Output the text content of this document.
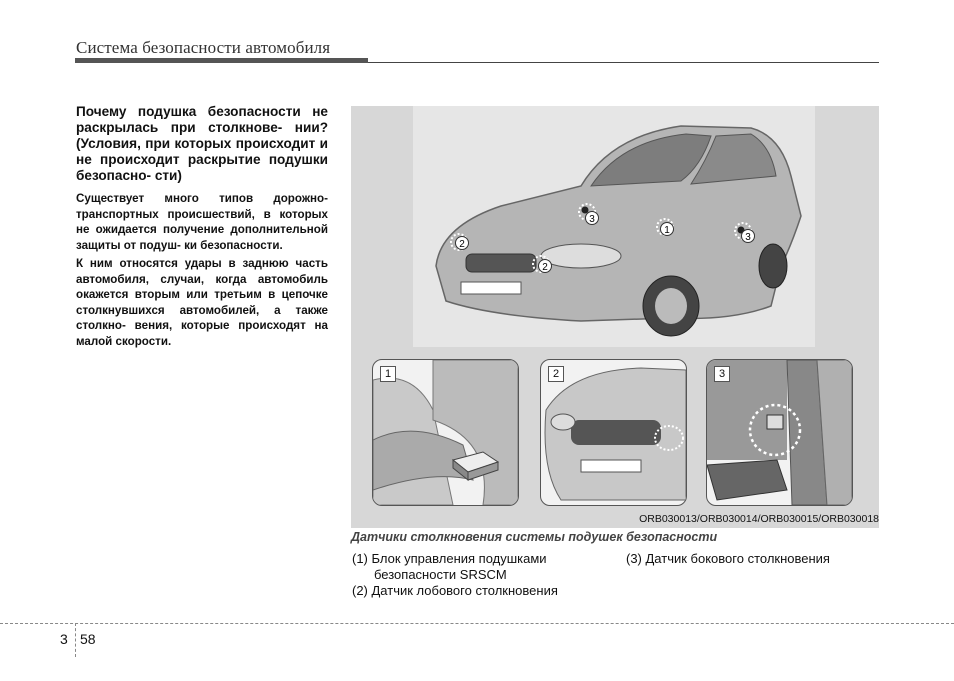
Система безопасности автомобиля

Почему подушка безопасности не раскрылась при столкнове- нии? (Условия, при которых происходит и не происходит раскрытие подушки безопасно- сти)

Существует много типов дорожно- транспортных происшествий, в которых не ожидается получение дополнительной защиты от подуш- ки безопасности.

К ним относятся удары в заднюю часть автомобиля, случаи, когда автомобиль окажется вторым или третьим в цепочке столкнувшихся автомобилей, а также столкно- вения, которые происходят на малой скорости.

1
2
2
3
3
1	2	3
ORB030013/ORB030014/ORB030015/ORB030018
Датчики столкновения системы подушек безопасности
(1) Блок управления подушками
безопасности SRSCM
(2) Датчик лобового столкновения
(3) Датчик бокового столкновения
3 58
